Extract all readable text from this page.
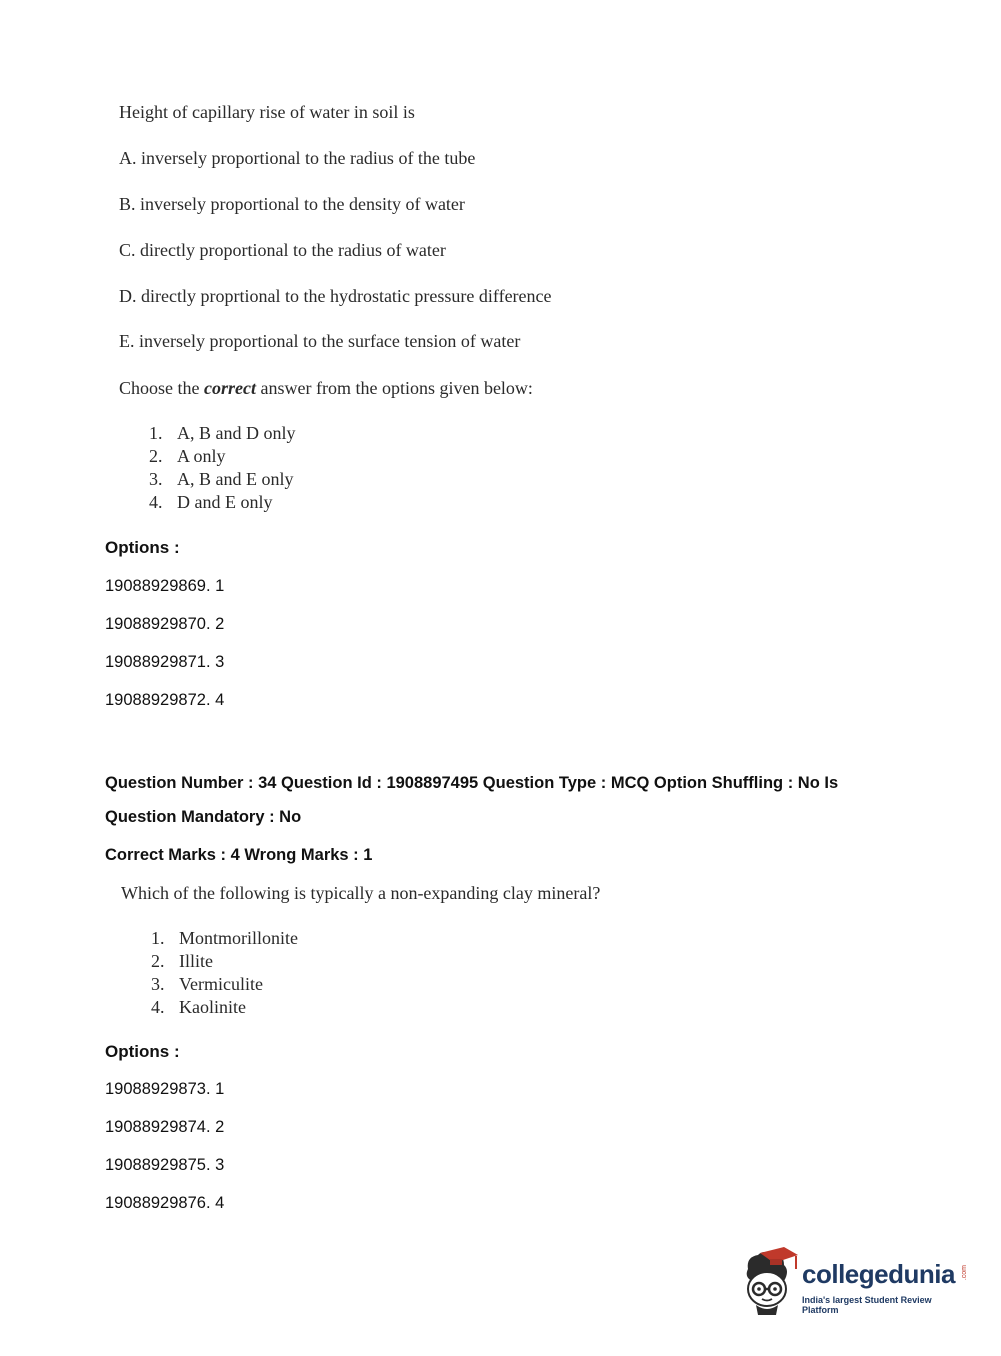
Height of capillary rise of water in soil is
A. inversely proportional to the radius of the tube
B. inversely proportional to the density of water
C. directly proportional to the radius of water
D. directly proprtional to the hydrostatic pressure difference
E. inversely proportional to the surface tension of water
Choose the correct answer from the options given below:
1. A, B and D only
2. A only
3. A, B and E only
4. D and E only
Options :
19088929869. 1
19088929870. 2
19088929871. 3
19088929872. 4
Question Number : 34 Question Id : 1908897495 Question Type : MCQ Option Shuffling : No Is
Question Mandatory : No
Correct Marks : 4 Wrong Marks : 1
Which of the following is typically a non-expanding clay mineral?
1. Montmorillonite
2. Illite
3. Vermiculite
4. Kaolinite
Options :
19088929873. 1
19088929874. 2
19088929875. 3
19088929876. 4
collegedunia .com
India's largest Student Review Platform
